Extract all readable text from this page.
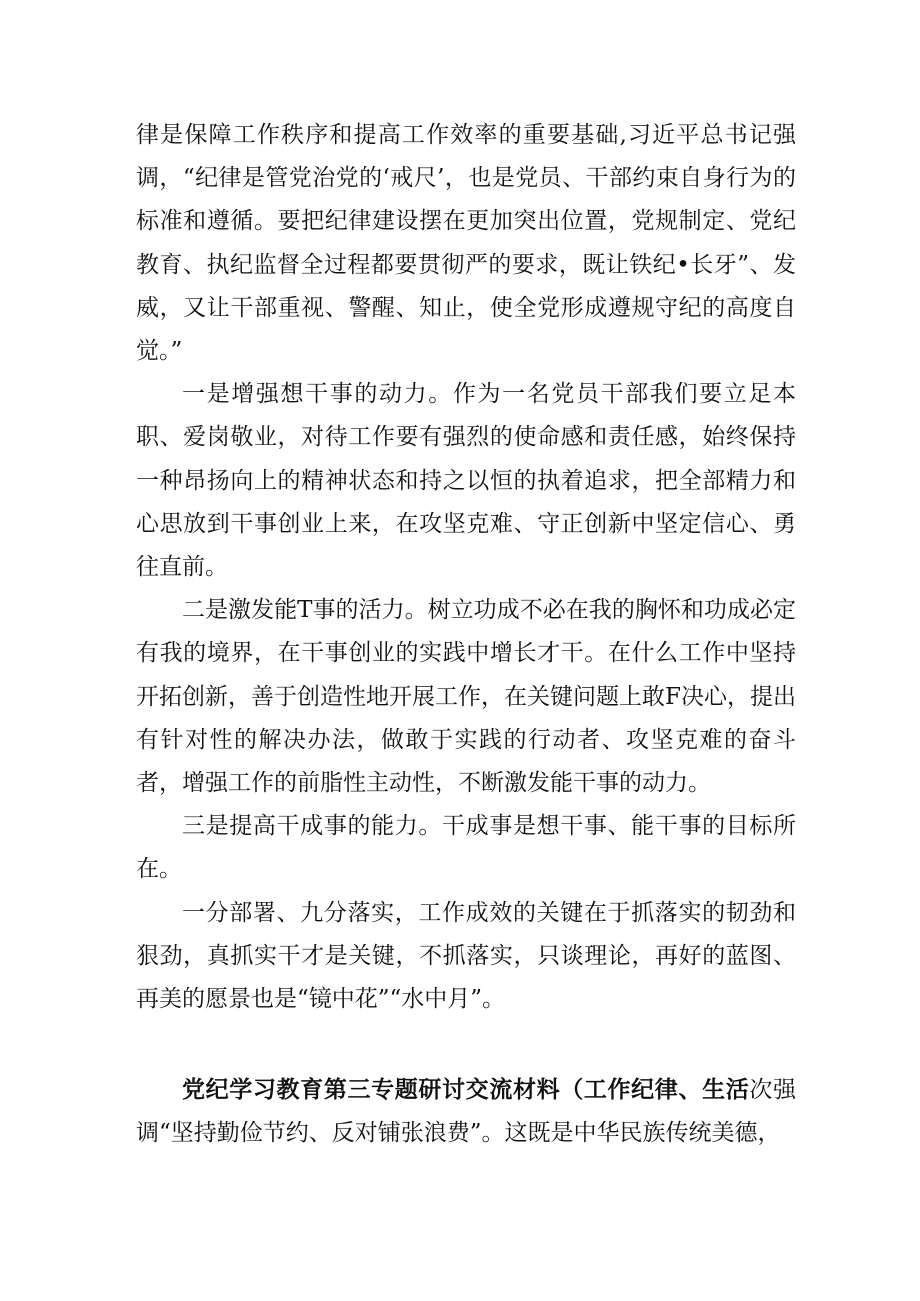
律是保障工作秩序和提高工作效率的重要基础,习近平总书记强调，“纪律是管党治党的‘戒尺’，也是党员、干部约束自身行为的标准和遵循。要把纪律建设摆在更加突出位置，党规制定、党纪教育、执纪监督全过程都要贯彻严的要求，既让铁纪•长牙”、发威，又让干部重视、警醒、知止，使全党形成遵规守纪的高度自觉。”

一是增强想干事的动力。作为一名党员干部我们要立足本职、爱岗敬业，对待工作要有强烈的使命感和责任感，始终保持一种昂扬向上的精神状态和持之以恒的执着追求，把全部精力和心思放到干事创业上来，在攻坚克难、守正创新中坚定信心、勇往直前。

二是激发能T事的活力。树立功成不必在我的胸怀和功成必定有我的境界，在干事创业的实践中增长才干。在什么工作中坚持开拓创新，善于创造性地开展工作，在关键问题上敢F决心，提出有针对性的解决办法，做敢于实践的行动者、攻坚克难的奋斗者，增强工作的前脂性主动性，不断激发能干事的动力。

三是提高干成事的能力。干成事是想干事、能干事的目标所在。

一分部署、九分落实，工作成效的关键在于抓落实的韧劲和狠劲，真抓实干才是关键，不抓落实，只谈理论，再好的蓝图、再美的愿景也是“镜中花”“水中月”。

党纪学习教育第三专题研讨交流材料（工作纪律、生活次强调“坚持勤俭节约、反对铺张浪费”。这既是中华民族传统美德，
